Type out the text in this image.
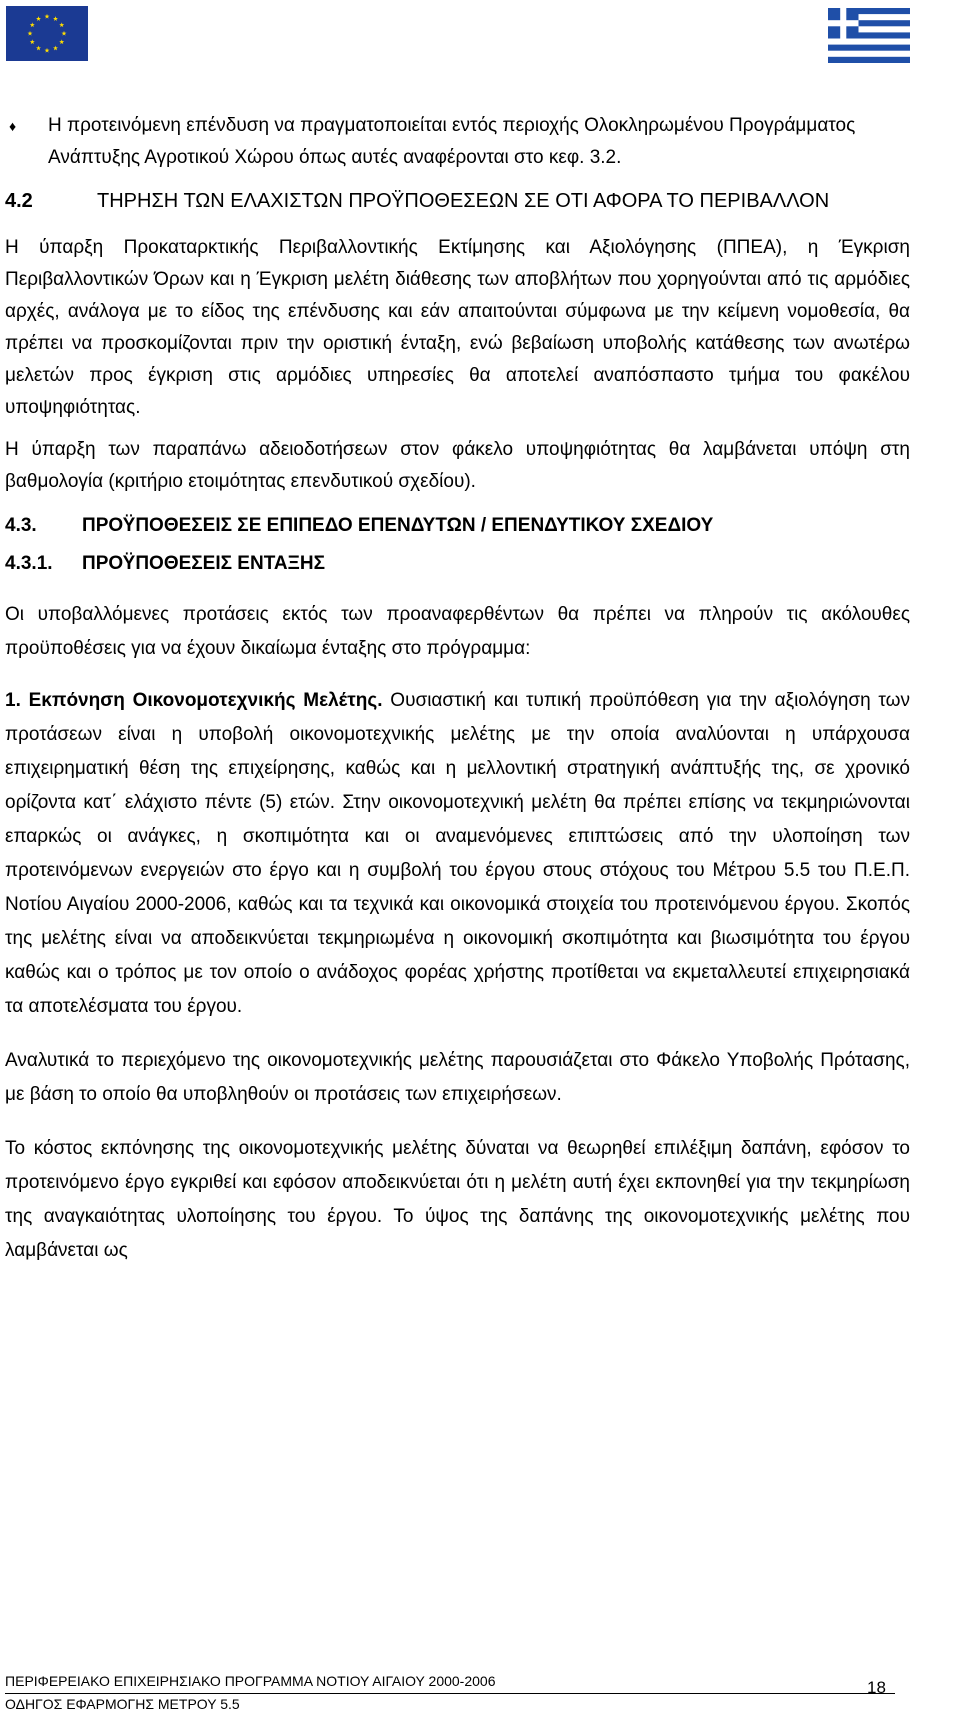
♦ Η προτεινόμενη επένδυση να πραγματοποιείται εντός περιοχής Ολοκληρωμένου Προγράμματος Ανάπτυξης Αγροτικού Χώρου όπως αυτές αναφέρονται στο κεφ. 3.2.
4.2	ΤΗΡΗΣΗ ΤΩΝ ΕΛΑΧΙΣΤΩΝ ΠΡΟΫΠΟΘΕΣΕΩΝ ΣΕ ΟΤΙ ΑΦΟΡΑ ΤΟ ΠΕΡΙΒΑΛΛΟΝ
Η ύπαρξη Προκαταρκτικής Περιβαλλοντικής Εκτίμησης και Αξιολόγησης (ΠΠΕΑ), η Έγκριση Περιβαλλοντικών Όρων και η Έγκριση μελέτη διάθεσης των αποβλήτων που χορηγούνται από τις αρμόδιες αρχές, ανάλογα με το είδος της επένδυσης και εάν απαιτούνται σύμφωνα με την κείμενη νομοθεσία, θα πρέπει να προσκομίζονται πριν την οριστική ένταξη, ενώ βεβαίωση υποβολής κατάθεσης των ανωτέρω μελετών προς έγκριση στις αρμόδιες υπηρεσίες θα αποτελεί αναπόσπαστο τμήμα του φακέλου υποψηφιότητας.
Η ύπαρξη των παραπάνω αδειοδοτήσεων στον φάκελο υποψηφιότητας θα λαμβάνεται υπόψη στη βαθμολογία (κριτήριο ετοιμότητας επενδυτικού σχεδίου).
4.3. ΠΡΟΫΠΟΘΕΣΕΙΣ ΣΕ ΕΠΙΠΕΔΟ ΕΠΕΝΔΥΤΩΝ / ΕΠΕΝΔΥΤΙΚΟΥ ΣΧΕΔΙΟΥ
4.3.1. ΠΡΟΫΠΟΘΕΣΕΙΣ ΕΝΤΑΞΗΣ
Οι υποβαλλόμενες προτάσεις εκτός των προαναφερθέντων θα πρέπει να πληρούν τις ακόλουθες προϋποθέσεις για να έχουν δικαίωμα ένταξης στο πρόγραμμα:
1. Εκπόνηση Οικονομοτεχνικής Μελέτης. Ουσιαστική και τυπική προϋπόθεση για την αξιολόγηση των προτάσεων είναι η υποβολή οικονομοτεχνικής μελέτης με την οποία αναλύονται η υπάρχουσα επιχειρηματική θέση της επιχείρησης, καθώς και η μελλοντική στρατηγική ανάπτυξής της, σε χρονικό ορίζοντα κατ΄ ελάχιστο πέντε (5) ετών. Στην οικονομοτεχνική μελέτη θα πρέπει επίσης να τεκμηριώνονται επαρκώς οι ανάγκες, η σκοπιμότητα και οι αναμενόμενες επιπτώσεις από την υλοποίηση των προτεινόμενων ενεργειών στο έργο και η συμβολή του έργου στους στόχους του Μέτρου 5.5 του Π.Ε.Π. Νοτίου Αιγαίου 2000-2006, καθώς και τα τεχνικά και οικονομικά στοιχεία του προτεινόμενου έργου. Σκοπός της μελέτης είναι να αποδεικνύεται τεκμηριωμένα η οικονομική σκοπιμότητα και βιωσιμότητα του έργου καθώς και ο τρόπος με τον οποίο ο ανάδοχος φορέας χρήστης προτίθεται να εκμεταλλευτεί επιχειρησιακά τα αποτελέσματα του έργου.
Αναλυτικά το περιεχόμενο της οικονομοτεχνικής μελέτης παρουσιάζεται στο Φάκελο Υποβολής Πρότασης, με βάση το οποίο θα υποβληθούν οι προτάσεις των επιχειρήσεων.
Το κόστος εκπόνησης της οικονομοτεχνικής μελέτης δύναται να θεωρηθεί επιλέξιμη δαπάνη, εφόσον το προτεινόμενο έργο εγκριθεί και εφόσον αποδεικνύεται ότι η μελέτη αυτή έχει εκπονηθεί για την τεκμηρίωση της αναγκαιότητας υλοποίησης του έργου. Το ύψος της δαπάνης της οικονομοτεχνικής μελέτης που λαμβάνεται ως
ΠΕΡΙΦΕΡΕΙΑΚΟ ΕΠΙΧΕΙΡΗΣΙΑΚΟ ΠΡΟΓΡΑΜΜΑ ΝΟΤΙΟΥ ΑΙΓΑΙΟΥ 2000-2006
ΟΔΗΓΟΣ ΕΦΑΡΜΟΓΗΣ ΜΕΤΡΟΥ 5.5
18
